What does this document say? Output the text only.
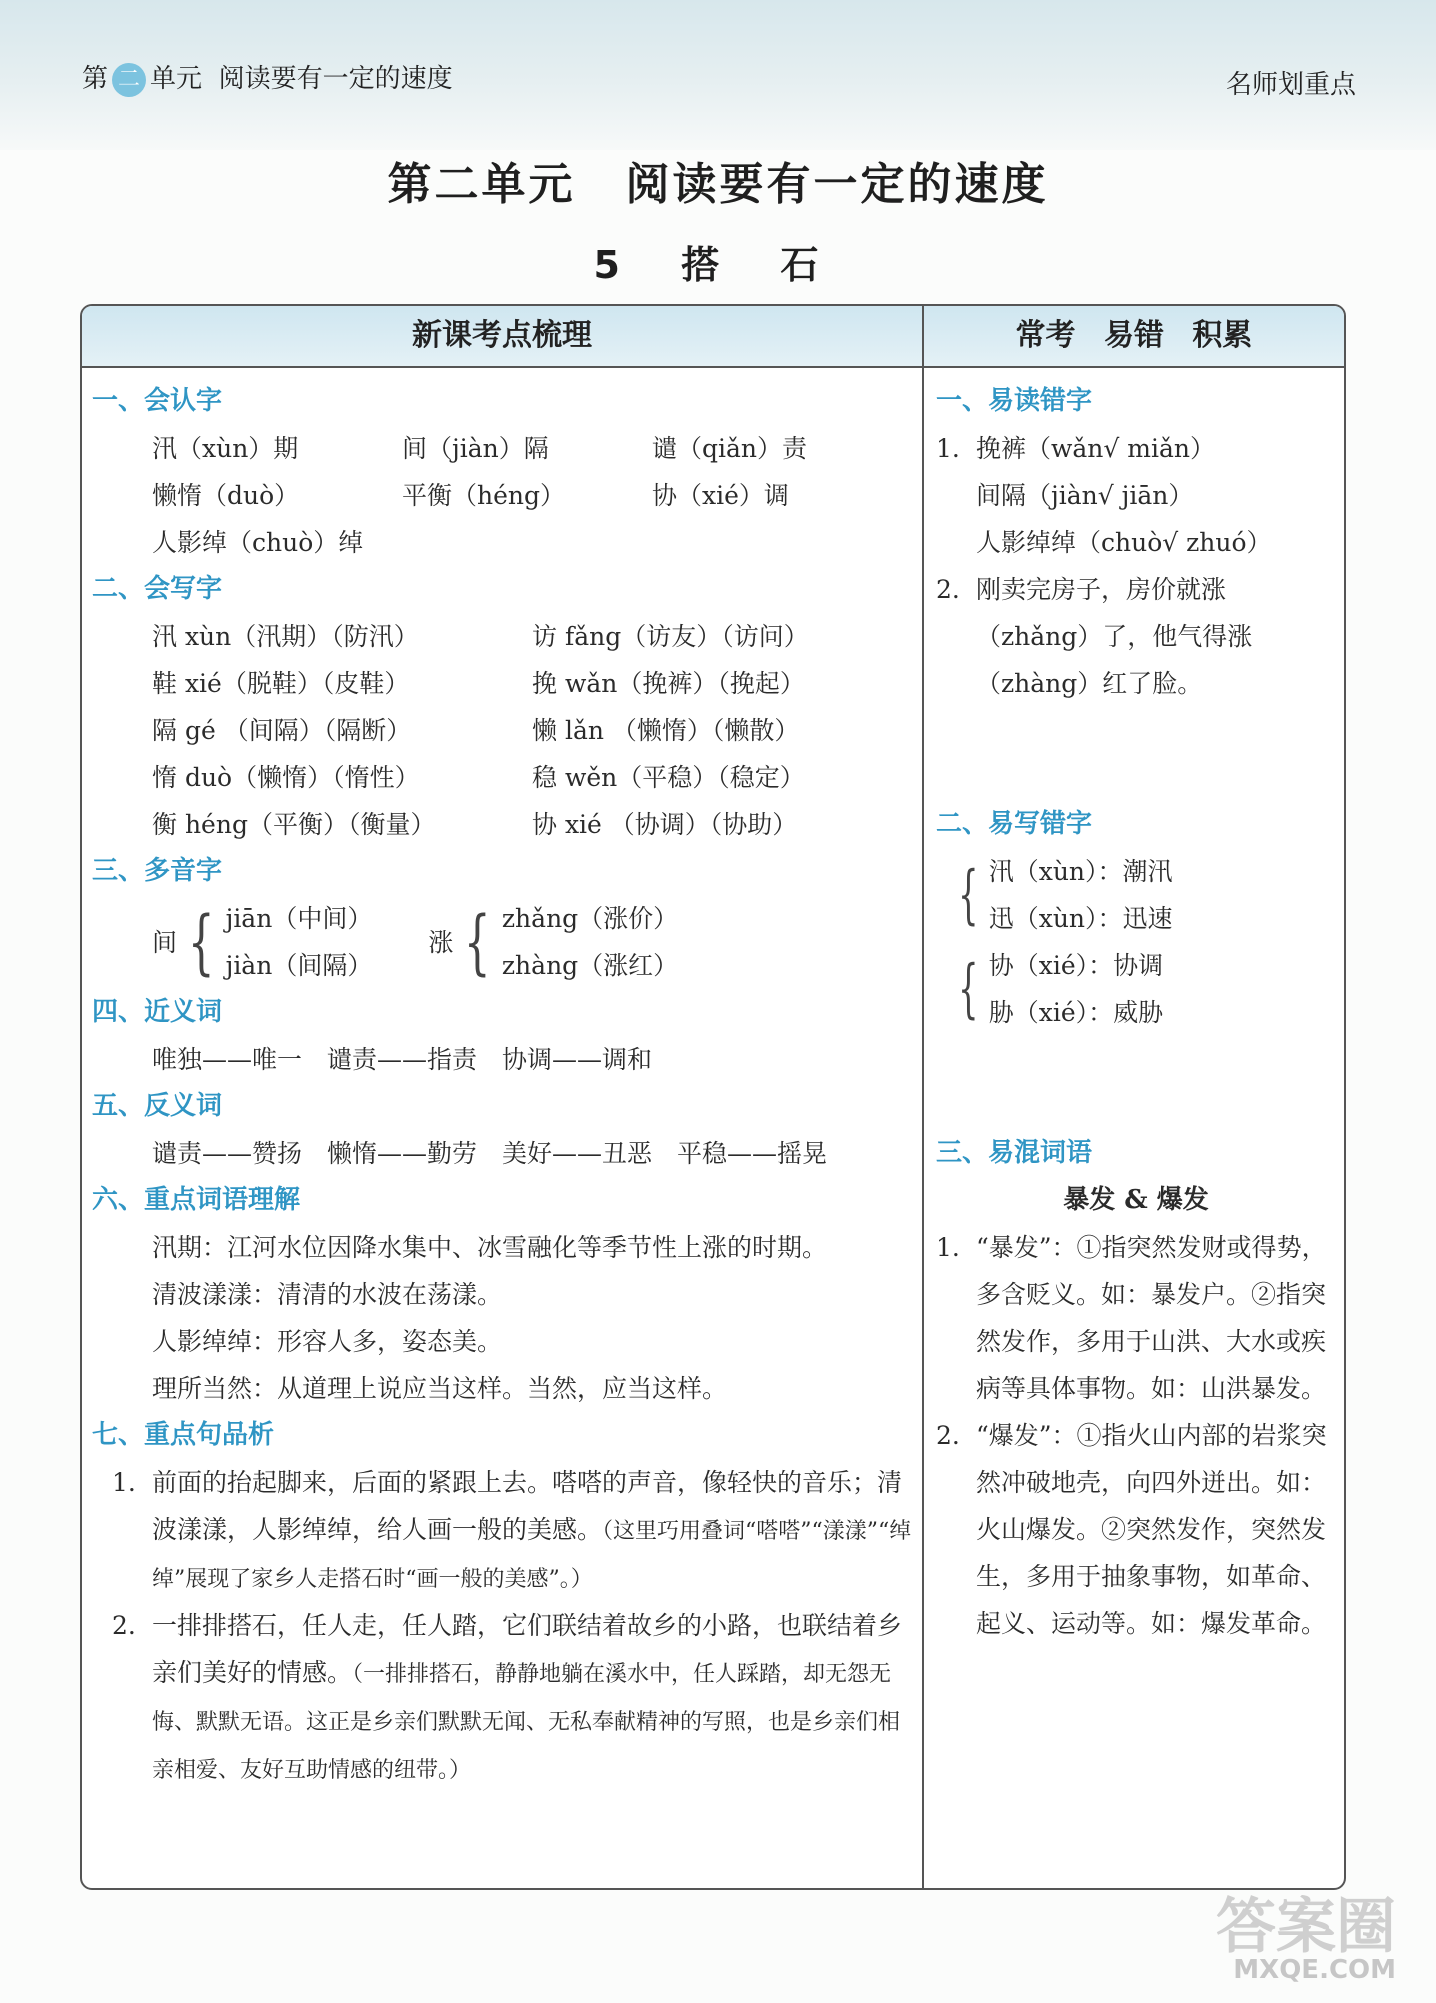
第 二 单元 阅读要有一定的速度	名师划重点
第二单元 阅读要有一定的速度
5 搭 石
新课考点梳理	常考 易错 积累
一、会认字
汛（xùn）期	间（jiàn）隔	谴（qiǎn）责
懒惰（duò）	平衡（héng）	协（xié）调
人影绰（chuò）绰
二、会写字
汛 xùn（汛期）（防汛）	访 fǎng（访友）（访问）
鞋 xié（脱鞋）（皮鞋）	挽 wǎn（挽裤）（挽起）
隔 gé （间隔）（隔断）	懒 lǎn （懒惰）（懒散）
惰 duò（懒惰）（惰性）	稳 wěn（平稳）（稳定）
衡 héng（平衡）（衡量）	协 xié （协调）（协助）
三、多音字
间 { jiān（中间）
jiàn（间隔）
涨 { zhǎng（涨价）
zhàng（涨红）
四、近义词
唯独——唯一　谴责——指责　协调——调和
五、反义词
谴责——赞扬　懒惰——勤劳　美好——丑恶　平稳——摇晃
六、重点词语理解
汛期：江河水位因降水集中、冰雪融化等季节性上涨的时期。
清波漾漾：清清的水波在荡漾。
人影绰绰：形容人多，姿态美。
理所当然：从道理上说应当这样。当然，应当这样。
七、重点句品析
1. 前面的抬起脚来，后面的紧跟上去。嗒嗒的声音，像轻快的音乐；清波漾漾，人影绰绰，给人画一般的美感。（这里巧用叠词“嗒嗒”“漾漾”“绰绰”展现了家乡人走搭石时“画一般的美感”。）
2. 一排排搭石，任人走，任人踏，它们联结着故乡的小路，也联结着乡亲们美好的情感。（一排排搭石，静静地躺在溪水中，任人踩踏，却无怨无悔、默默无语。这正是乡亲们默默无闻、无私奉献精神的写照，也是乡亲们相亲相爱、友好互助情感的纽带。）
一、易读错字
1. 挽裤（wǎn√ miǎn）
间隔（jiàn√ jiān）
人影绰绰（chuò√ zhuó）
2. 刚卖完房子，房价就涨（zhǎng）了，他气得涨（zhàng）红了脸。
二、易写错字
{ 汛（xùn）：潮汛
迅（xùn）：迅速
{ 协（xié）：协调
胁（xié）：威胁
三、易混词语
暴发 & 爆发
1. “暴发”：①指突然发财或得势，多含贬义。如：暴发户。②指突然发作，多用于山洪、大水或疾病等具体事物。如：山洪暴发。
2. “爆发”：①指火山内部的岩浆突然冲破地壳，向四外迸出。如：火山爆发。②突然发作，突然发生，多用于抽象事物，如革命、起义、运动等。如：爆发革命。
答案圈
MXQE.COM
